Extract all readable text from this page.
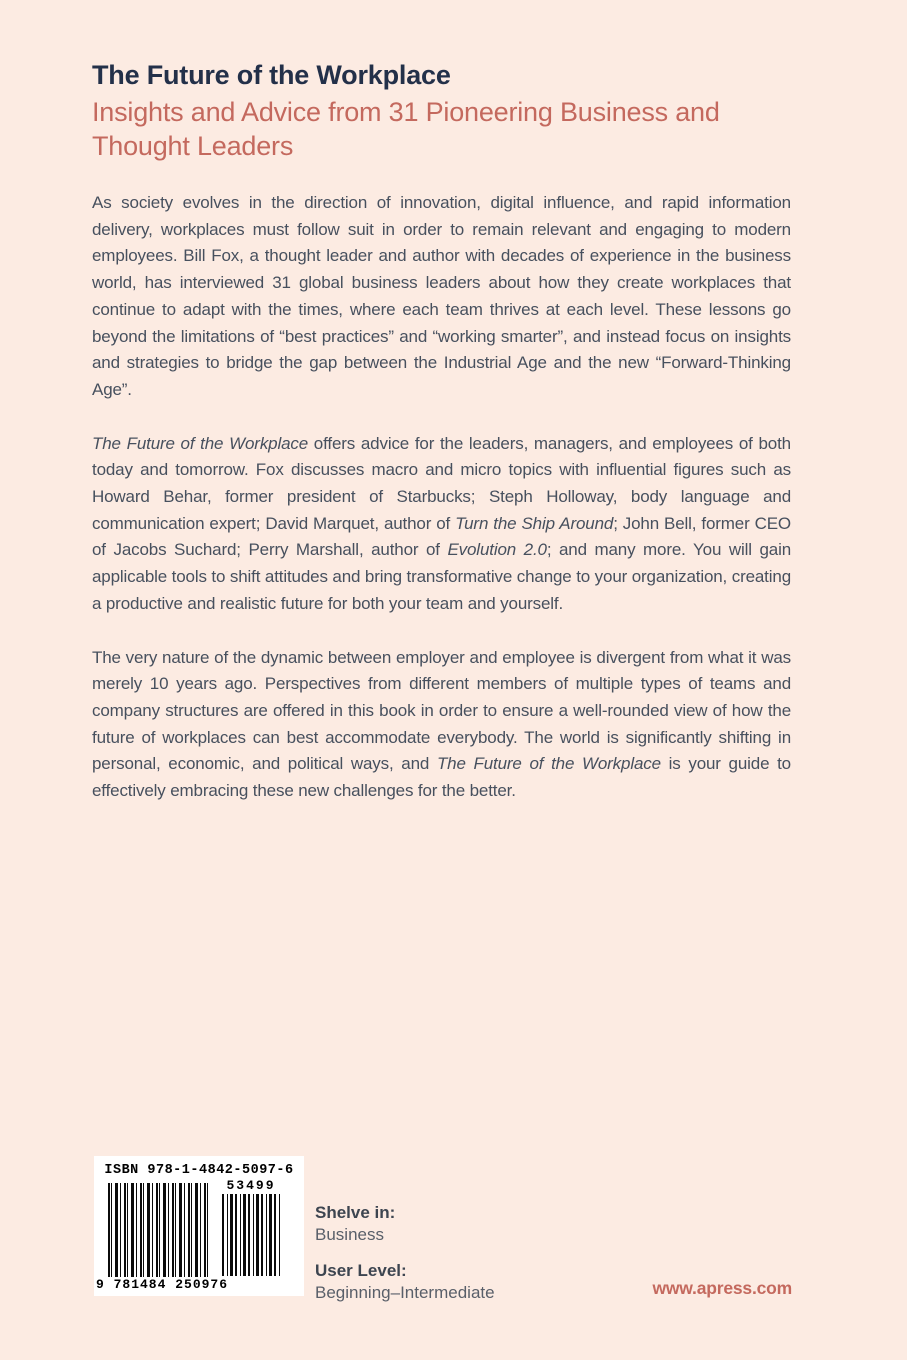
The Future of the Workplace
Insights and Advice from 31 Pioneering Business and Thought Leaders

As society evolves in the direction of innovation, digital influence, and rapid information delivery, workplaces must follow suit in order to remain relevant and engaging to modern employees. Bill Fox, a thought leader and author with decades of experience in the business world, has interviewed 31 global business leaders about how they create workplaces that continue to adapt with the times, where each team thrives at each level. These lessons go beyond the limitations of “best practices” and “working smarter”, and instead focus on insights and strategies to bridge the gap between the Industrial Age and the new “Forward-Thinking Age”.

The Future of the Workplace offers advice for the leaders, managers, and employees of both today and tomorrow. Fox discusses macro and micro topics with influential figures such as Howard Behar, former president of Starbucks; Steph Holloway, body language and communication expert; David Marquet, author of Turn the Ship Around; John Bell, former CEO of Jacobs Suchard; Perry Marshall, author of Evolution 2.0; and many more. You will gain applicable tools to shift attitudes and bring transformative change to your organization, creating a productive and realistic future for both your team and yourself.

The very nature of the dynamic between employer and employee is divergent from what it was merely 10 years ago. Perspectives from different members of multiple types of teams and company structures are offered in this book in order to ensure a well-rounded view of how the future of workplaces can best accommodate everybody. The world is significantly shifting in personal, economic, and political ways, and The Future of the Workplace is your guide to effectively embracing these new challenges for the better.

ISBN 978-1-4842-5097-6
9 781484 250976
53499
Shelve in:
Business
User Level:
Beginning–Intermediate	www.apress.com
